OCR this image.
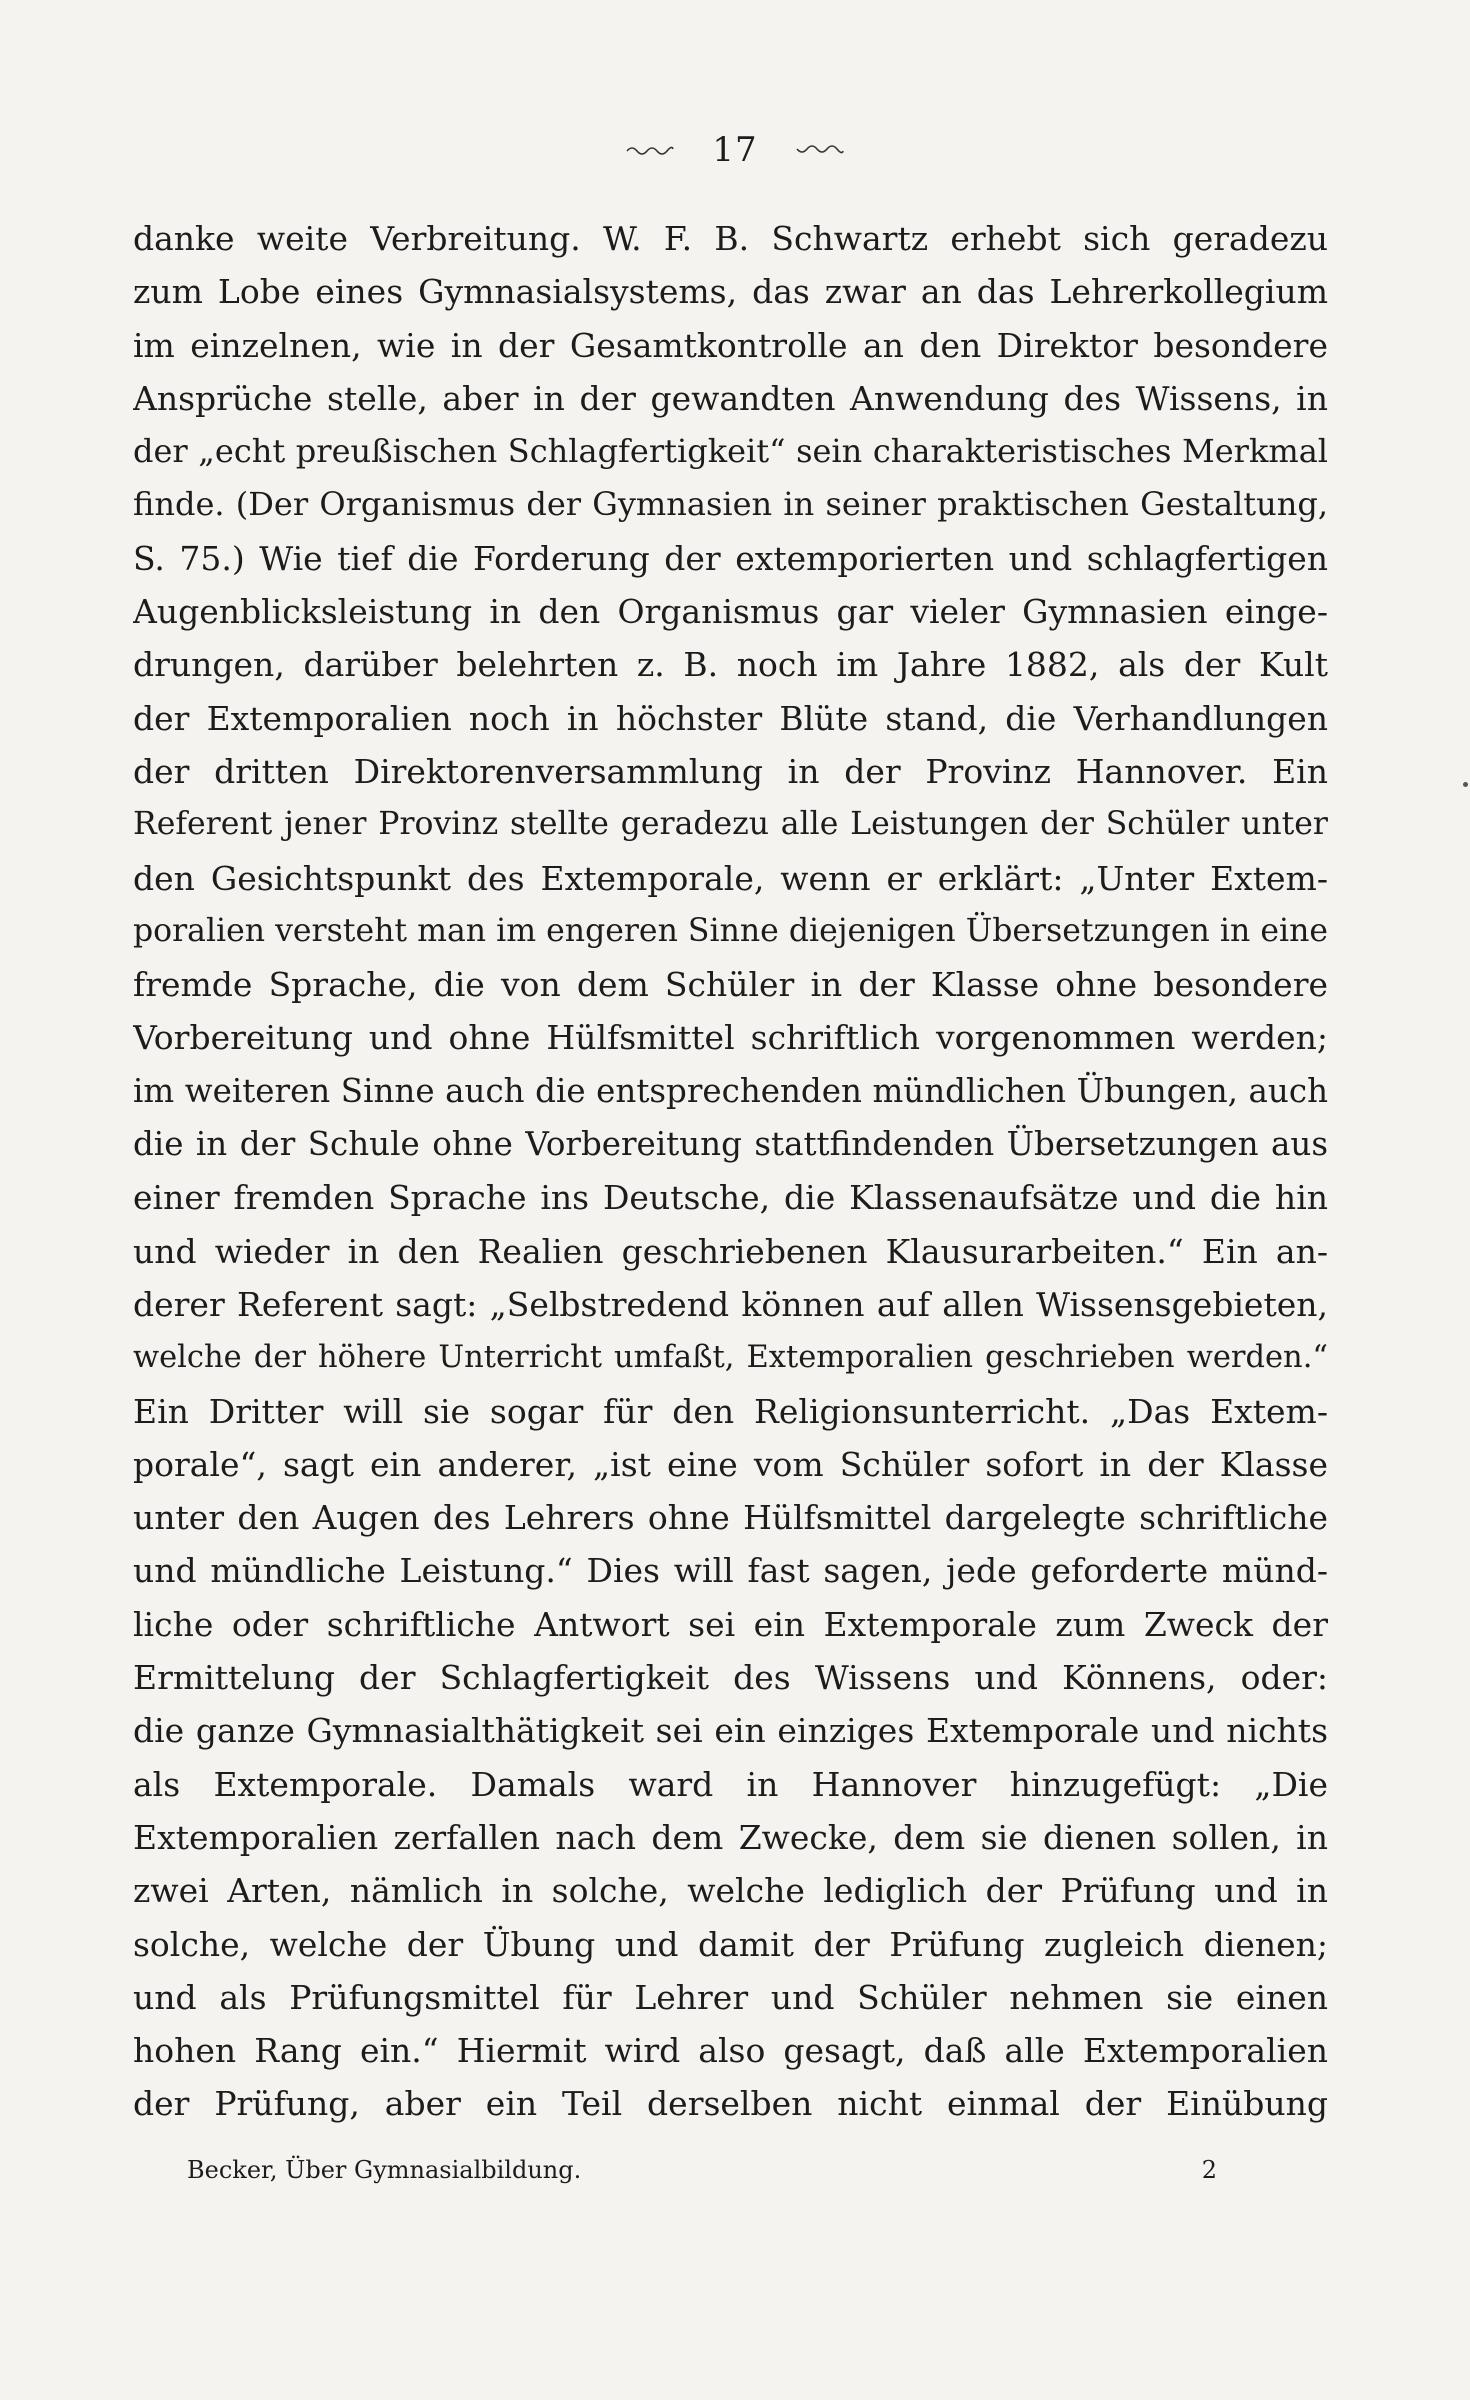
17
danke weite Verbreitung. W. F. B. Schwartz erhebt sich geradezu
zum Lobe eines Gymnasialsystems, das zwar an das Lehrerkollegium
im einzelnen, wie in der Gesamtkontrolle an den Direktor besondere
Ansprüche stelle, aber in der gewandten Anwendung des Wissens, in
der „echt preußischen Schlagfertigkeit“ sein charakteristisches Merkmal
finde. (Der Organismus der Gymnasien in seiner praktischen Gestaltung,
S. 75.) Wie tief die Forderung der extemporierten und schlagfertigen
Augenblicksleistung in den Organismus gar vieler Gymnasien einge-
drungen, darüber belehrten z. B. noch im Jahre 1882, als der Kult
der Extemporalien noch in höchster Blüte stand, die Verhandlungen
der dritten Direktorenversammlung in der Provinz Hannover. Ein
Referent jener Provinz stellte geradezu alle Leistungen der Schüler unter
den Gesichtspunkt des Extemporale, wenn er erklärt: „Unter Extem-
poralien versteht man im engeren Sinne diejenigen Übersetzungen in eine
fremde Sprache, die von dem Schüler in der Klasse ohne besondere
Vorbereitung und ohne Hülfsmittel schriftlich vorgenommen werden;
im weiteren Sinne auch die entsprechenden mündlichen Übungen, auch
die in der Schule ohne Vorbereitung stattfindenden Übersetzungen aus
einer fremden Sprache ins Deutsche, die Klassenaufsätze und die hin
und wieder in den Realien geschriebenen Klausurarbeiten.“ Ein an-
derer Referent sagt: „Selbstredend können auf allen Wissensgebieten,
welche der höhere Unterricht umfaßt, Extemporalien geschrieben werden.“
Ein Dritter will sie sogar für den Religionsunterricht. „Das Extem-
porale“, sagt ein anderer, „ist eine vom Schüler sofort in der Klasse
unter den Augen des Lehrers ohne Hülfsmittel dargelegte schriftliche
und mündliche Leistung.“ Dies will fast sagen, jede geforderte münd-
liche oder schriftliche Antwort sei ein Extemporale zum Zweck der
Ermittelung der Schlagfertigkeit des Wissens und Könnens, oder:
die ganze Gymnasialthätigkeit sei ein einziges Extemporale und nichts
als Extemporale. Damals ward in Hannover hinzugefügt: „Die
Extemporalien zerfallen nach dem Zwecke, dem sie dienen sollen, in
zwei Arten, nämlich in solche, welche lediglich der Prüfung und in
solche, welche der Übung und damit der Prüfung zugleich dienen;
und als Prüfungsmittel für Lehrer und Schüler nehmen sie einen
hohen Rang ein.“ Hiermit wird also gesagt, daß alle Extemporalien
der Prüfung, aber ein Teil derselben nicht einmal der Einübung
Becker, Über Gymnasialbildung.	2
